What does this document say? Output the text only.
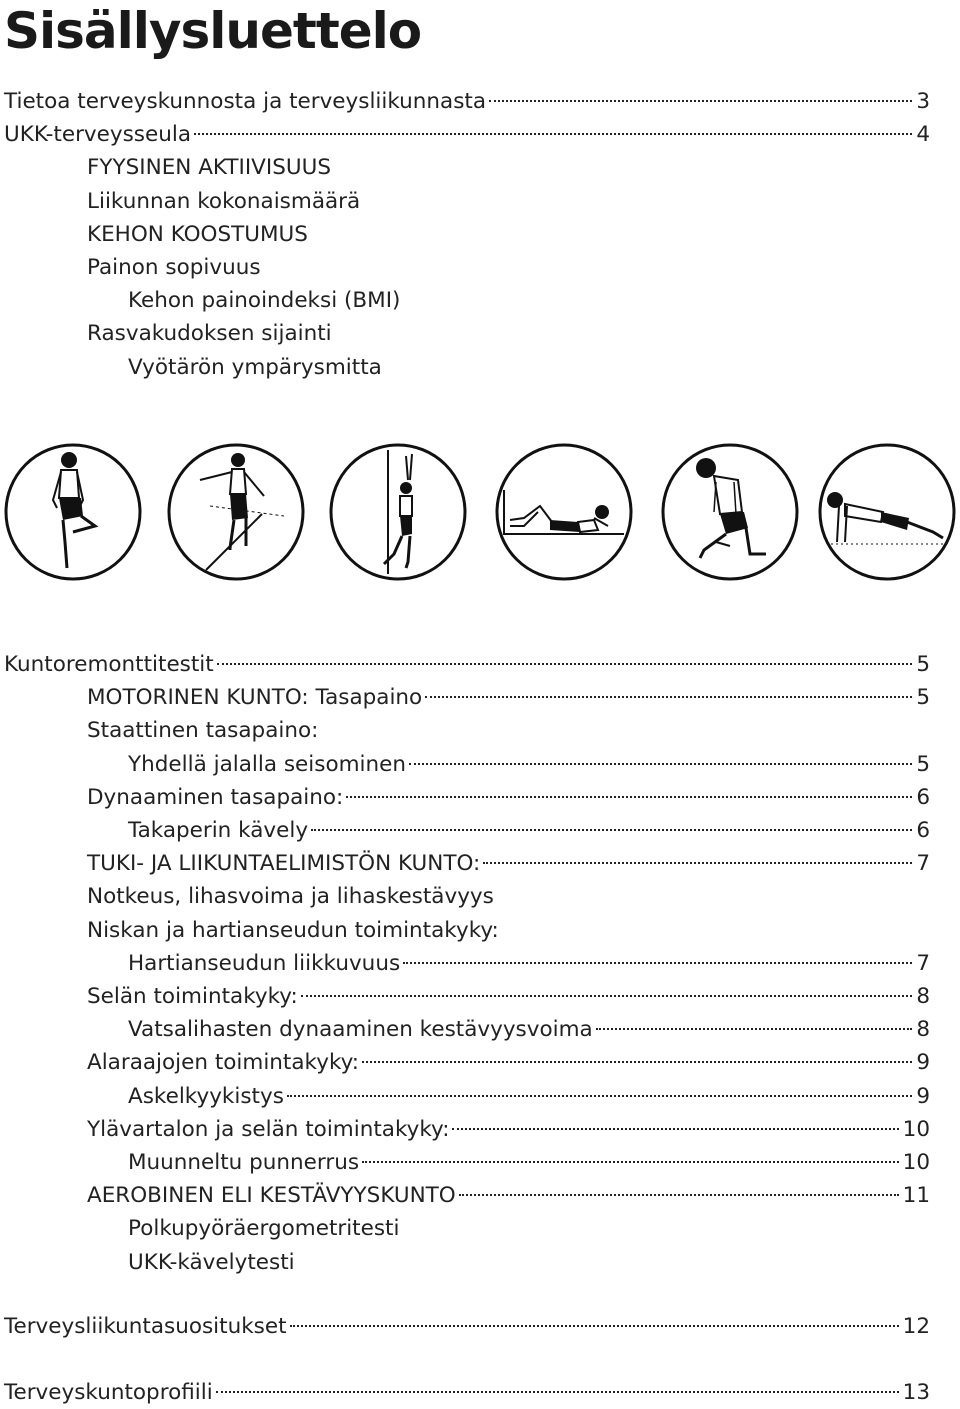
Sisällysluettelo
Tietoa terveyskunnosta ja terveysliikunnasta	3
UKK-terveysseula	4
FYYSINEN AKTIIVISUUS
Liikunnan kokonaismäärä
KEHON KOOSTUMUS
Painon sopivuus
Kehon painoindeksi (BMI)
Rasvakudoksen sijainti
Vyötärön ympärysmitta
Kuntoremonttitestit	5
MOTORINEN KUNTO: Tasapaino	5
Staattinen tasapaino:
Yhdellä jalalla seisominen	5
Dynaaminen tasapaino:	6
Takaperin kävely	6
TUKI- JA LIIKUNTAELIMISTÖN KUNTO:	7
Notkeus, lihasvoima ja lihaskestävyys
Niskan ja hartianseudun toimintakyky:
Hartianseudun liikkuvuus	7
Selän toimintakyky:	8
Vatsalihasten dynaaminen kestävyysvoima	8
Alaraajojen toimintakyky:	9
Askelkyykistys	9
Ylävartalon ja selän toimintakyky:	10
Muunneltu punnerrus	10
AEROBINEN ELI KESTÄVYYSKUNTO	11
Polkupyöräergometritesti
UKK-kävelytesti
Terveysliikuntasuositukset	12
Terveyskuntoprofiili	13
